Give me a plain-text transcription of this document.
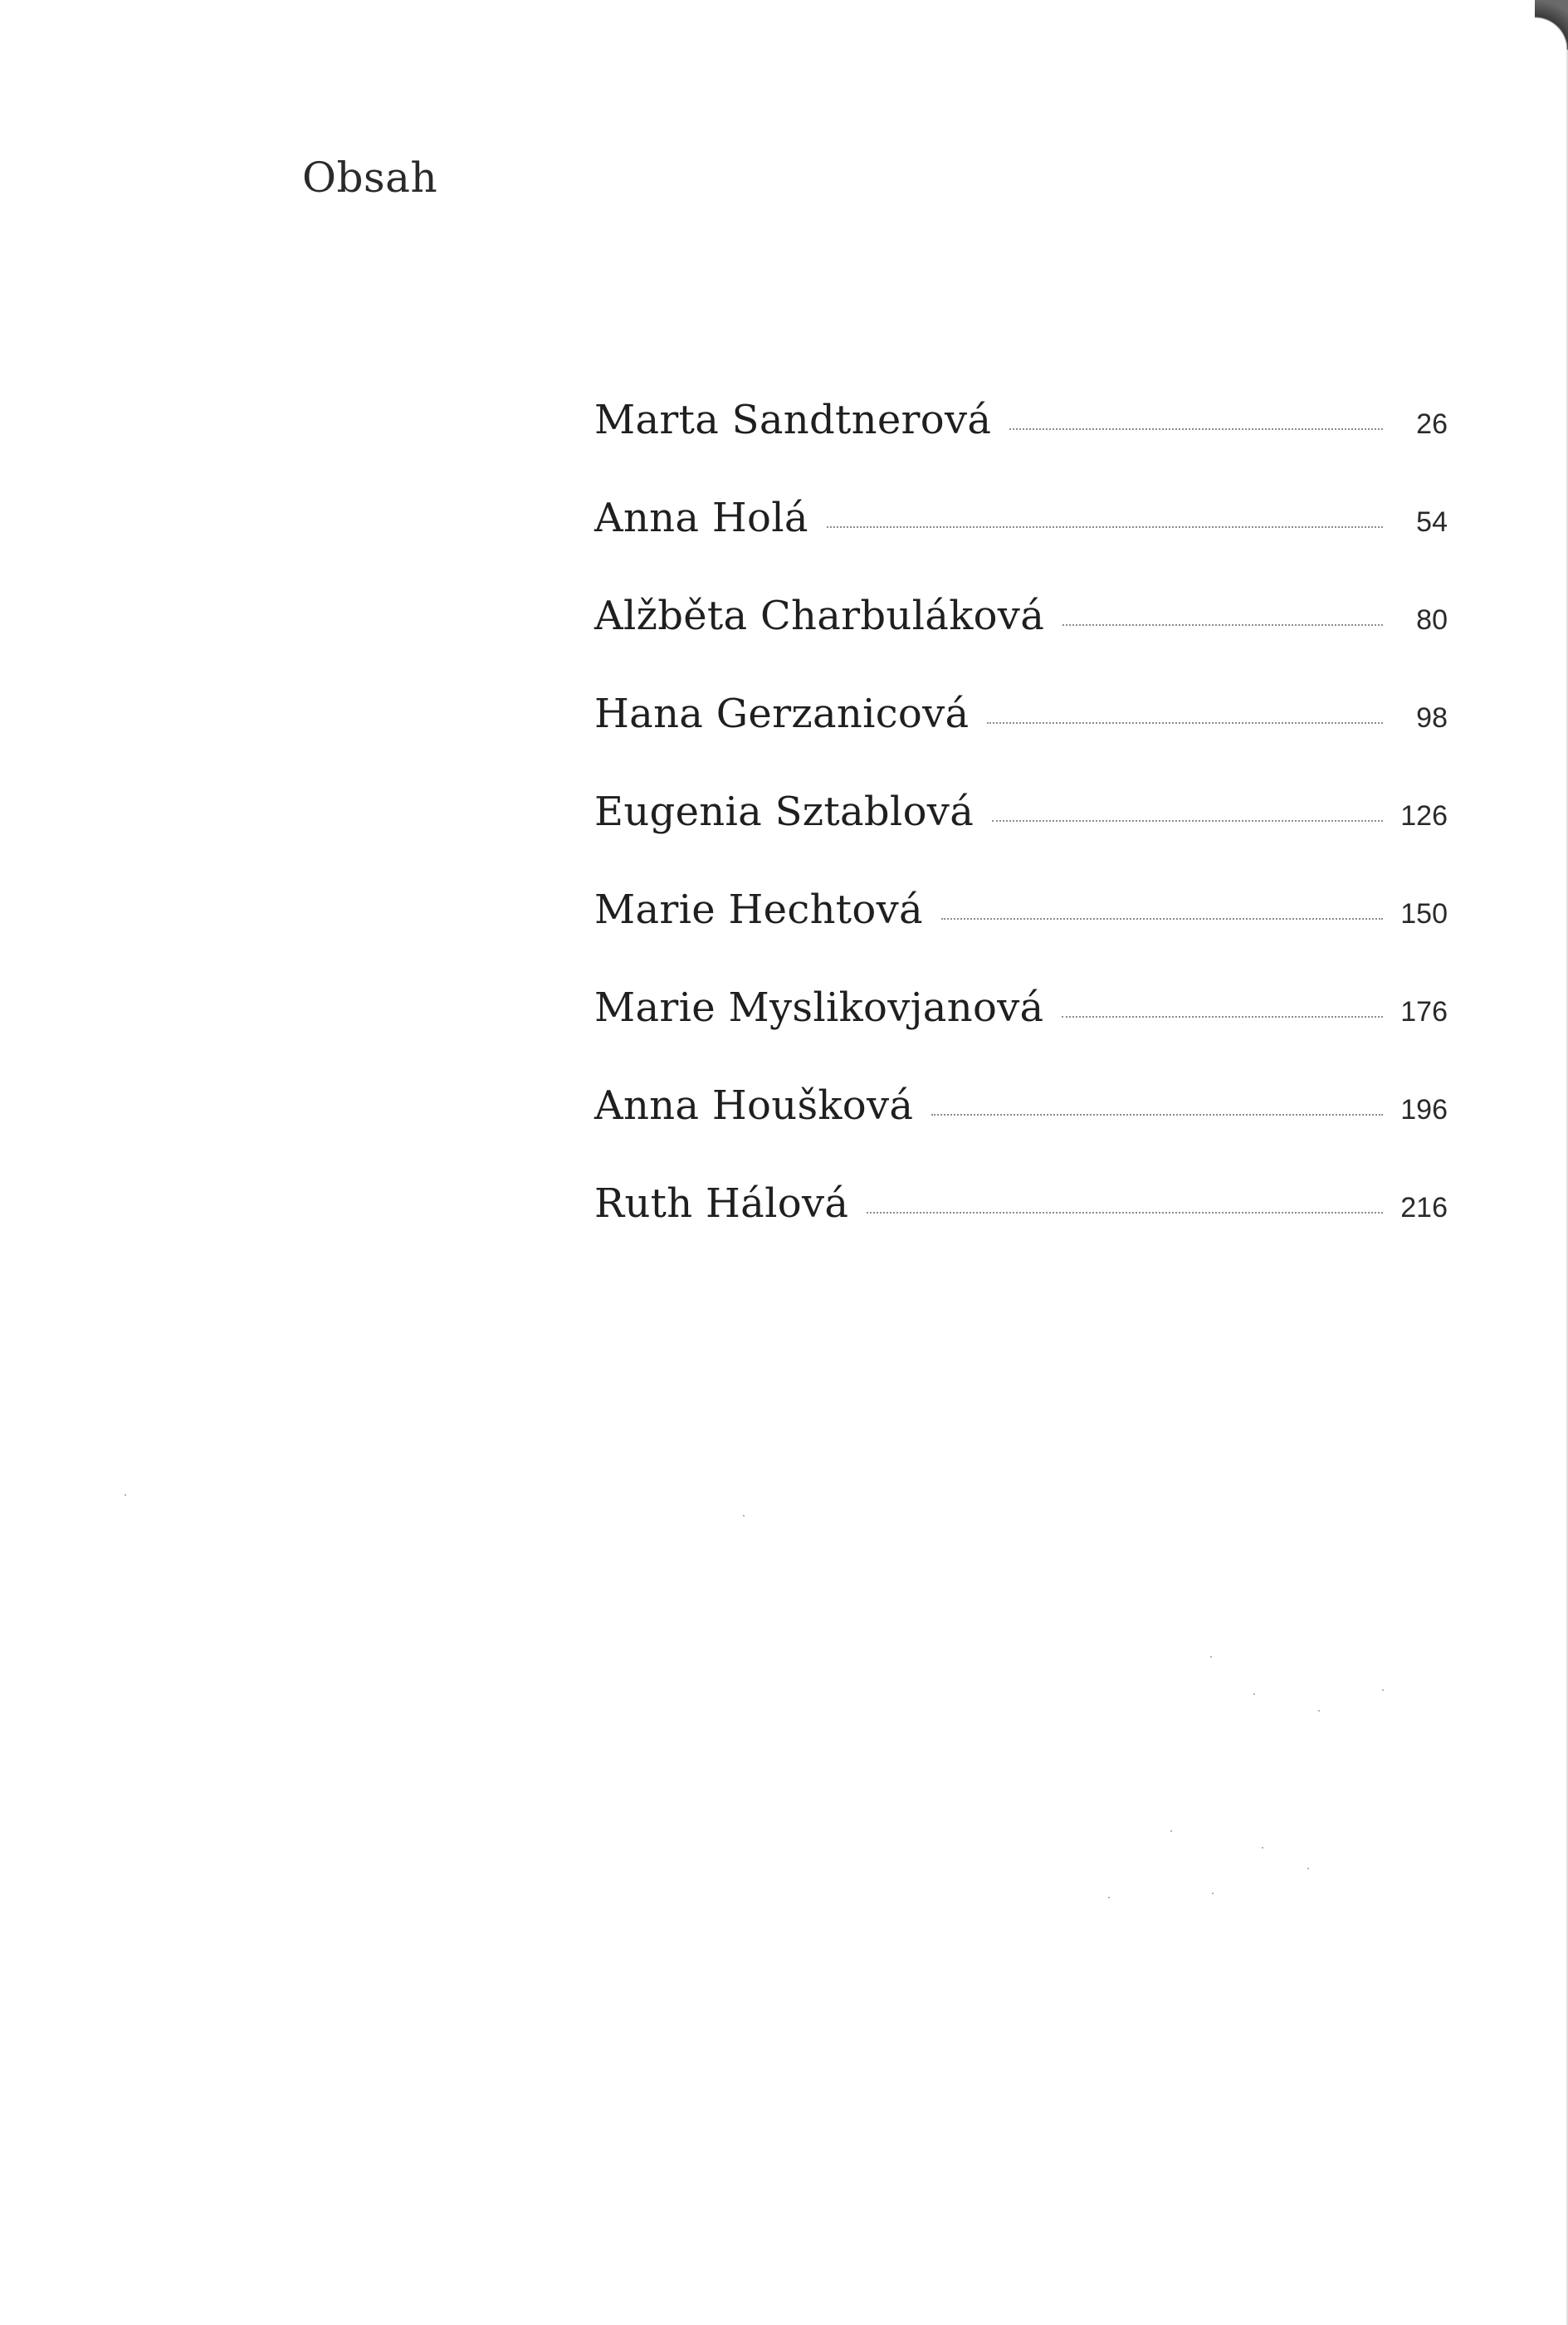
Obsah
Marta Sandtnerová	26
Anna Holá	54
Alžběta Charbuláková	80
Hana Gerzanicová	98
Eugenia Sztablová	126
Marie Hechtová	150
Marie Myslikovjanová	176
Anna Houšková	196
Ruth Hálová	216
